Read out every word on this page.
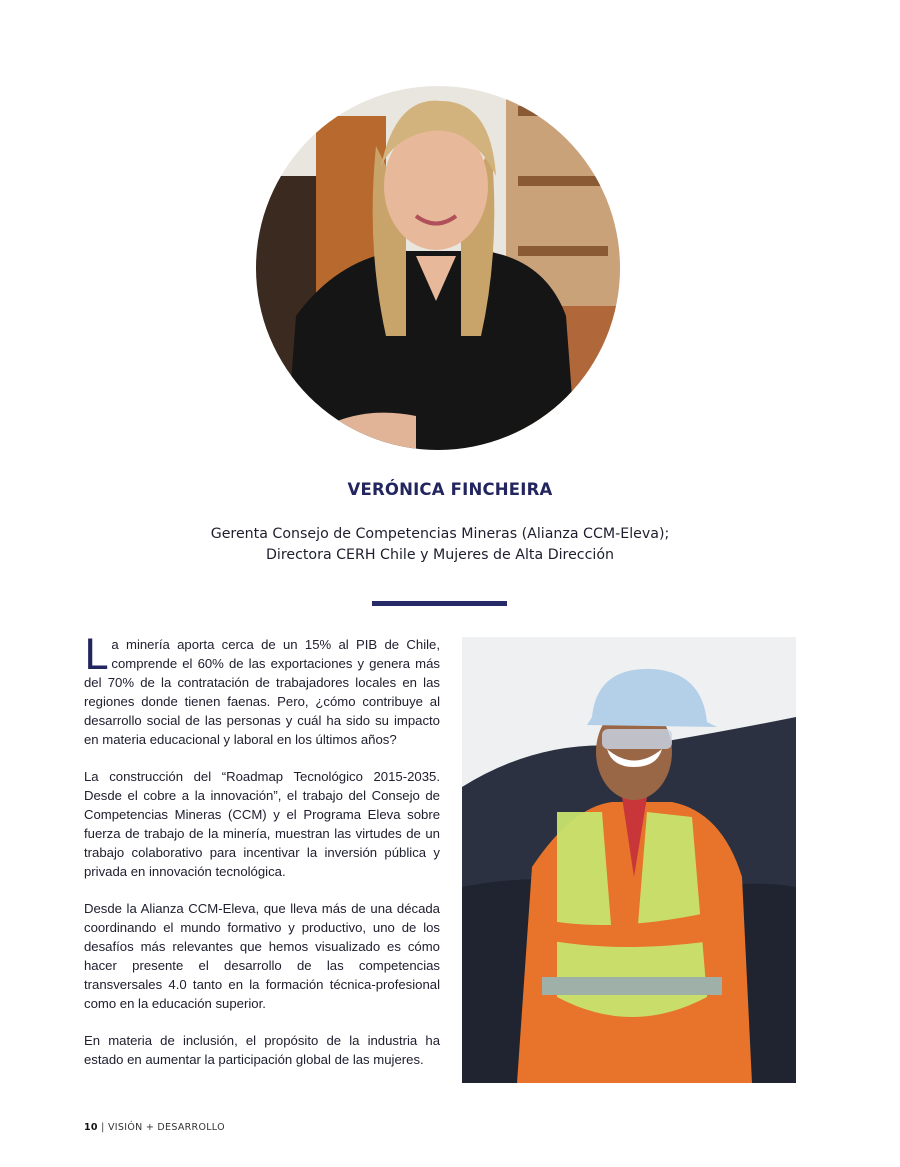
VERÓNICA FINCHEIRA
Gerenta Consejo de Competencias Mineras (Alianza CCM-Eleva);
Directora CERH Chile y Mujeres de Alta Dirección

La minería aporta cerca de un 15% al PIB de Chile, comprende el 60% de las exportaciones y genera más del 70% de la contratación de trabajadores locales en las regiones donde tienen faenas. Pero, ¿cómo contribuye al desarrollo social de las personas y cuál ha sido su impacto en materia educacional y laboral en los últimos años?

La construcción del “Roadmap Tecnológico 2015-2035. Desde el cobre a la innovación”, el trabajo del Consejo de Competencias Mineras (CCM) y el Programa Eleva sobre fuerza de trabajo de la minería, muestran las virtudes de un trabajo colaborativo para incentivar la inversión pública y privada en innovación tecnológica.

Desde la Alianza CCM-Eleva, que lleva más de una década coordinando el mundo formativo y productivo, uno de los desafíos más relevantes que hemos visualizado es cómo hacer presente el desarrollo de las competencias transversales 4.0 tanto en la formación técnica-profesional como en la educación superior.

En materia de inclusión, el propósito de la industria ha estado en aumentar la participación global de las mujeres.

10 | VISIÓN + DESARROLLO
